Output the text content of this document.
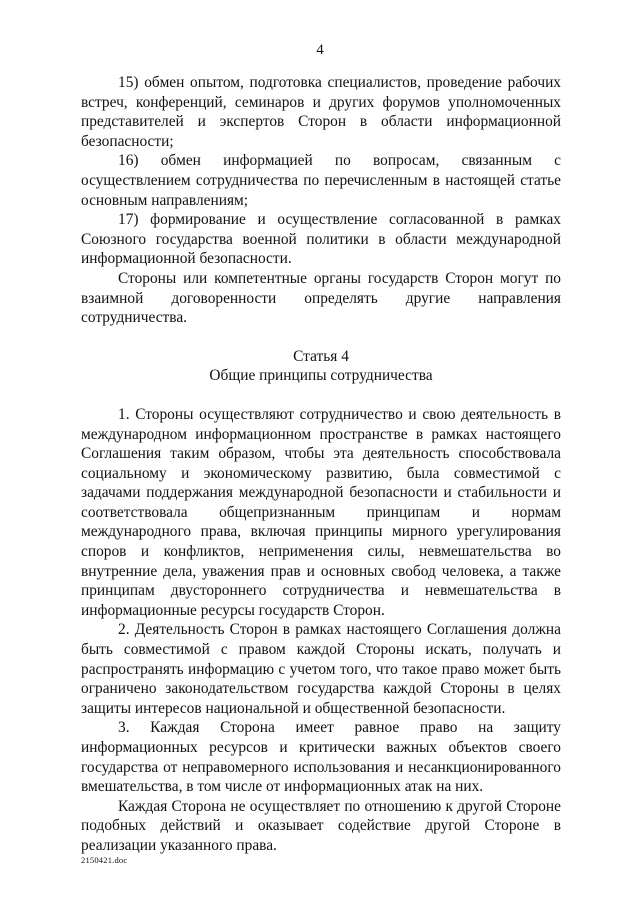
4

15) обмен опытом, подготовка специалистов, проведение рабочих встреч, конференций, семинаров и других форумов уполномоченных представителей и экспертов Сторон в области информационной безопасности;

16) обмен информацией по вопросам, связанным с осуществлением сотрудничества по перечисленным в настоящей статье основным направлениям;

17) формирование и осуществление согласованной в рамках Союзного государства военной политики в области международной информационной безопасности.

Стороны или компетентные органы государств Сторон могут по взаимной договоренности определять другие направления сотрудничества.

Статья 4

Общие принципы сотрудничества

1. Стороны осуществляют сотрудничество и свою деятельность в международном информационном пространстве в рамках настоящего Соглашения таким образом, чтобы эта деятельность способствовала социальному и экономическому развитию, была совместимой с задачами поддержания международной безопасности и стабильности и соответствовала общепризнанным принципам и нормам международного права, включая принципы мирного урегулирования споров и конфликтов, неприменения силы, невмешательства во внутренние дела, уважения прав и основных свобод человека, а также принципам двустороннего сотрудничества и невмешательства в информационные ресурсы государств Сторон.

2. Деятельность Сторон в рамках настоящего Соглашения должна быть совместимой с правом каждой Стороны искать, получать и распространять информацию с учетом того, что такое право может быть ограничено законодательством государства каждой Стороны в целях защиты интересов национальной и общественной безопасности.

3. Каждая Сторона имеет равное право на защиту информационных ресурсов и критически важных объектов своего государства от неправомерного использования и несанкционированного вмешательства, в том числе от информационных атак на них.

Каждая Сторона не осуществляет по отношению к другой Стороне подобных действий и оказывает содействие другой Стороне в реализации указанного права.

2150421.doc
